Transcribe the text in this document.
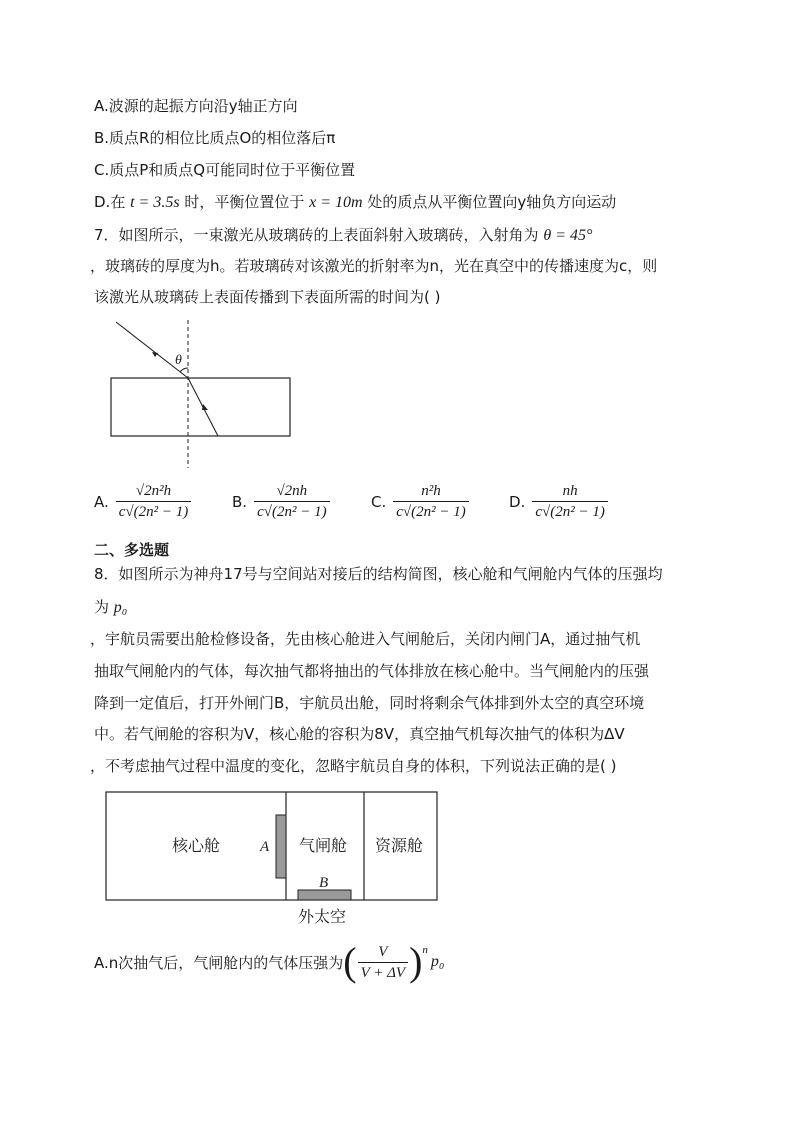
A.波源的起振方向沿y轴正方向
B.质点R的相位比质点O的相位落后π
C.质点P和质点Q可能同时位于平衡位置
D.在 t = 3.5s 时，平衡位置位于 x = 10m 处的质点从平衡位置向y轴负方向运动
7．如图所示，一束激光从玻璃砖的上表面斜射入玻璃砖，入射角为 θ = 45°
，玻璃砖的厚度为h。若玻璃砖对该激光的折射率为n，光在真空中的传播速度为c，则
该激光从玻璃砖上表面传播到下表面所需的时间为( )
θ
A. $\frac{\text{√2n²h}}{\text{c√(2n² − 1)}}$	B. $\frac{√2nh}{\text{c√(2n² − 1)}}$	C. $\frac{\text{n²h}}{\text{c√(2n² − 1)}}$	D. $\frac{nh}{\text{c√(2n² − 1)}}$
二、多选题
8．如图所示为神舟17号与空间站对接后的结构简图，核心舱和气闸舱内气体的压强均
为 p₀
，宇航员需要出舱检修设备，先由核心舱进入气闸舱后，关闭内闸门A，通过抽气机
抽取气闸舱内的气体，每次抽气都将抽出的气体排放在核心舱中。当气闸舱内的压强
降到一定值后，打开外闸门B，宇航员出舱，同时将剩余气体排到外太空的真空环境
中。若气闸舱的容积为V，核心舱的容积为8V，真空抽气机每次抽气的体积为ΔV
，不考虑抽气过程中温度的变化，忽略宇航员自身的体积，下列说法正确的是( )
核心舱	A 气闸舱 资源舱
B
外太空
A.n次抽气后，气闸舱内的气体压强为 ( $\frac{V}{V + \Delta V}$ ) n
p₀
